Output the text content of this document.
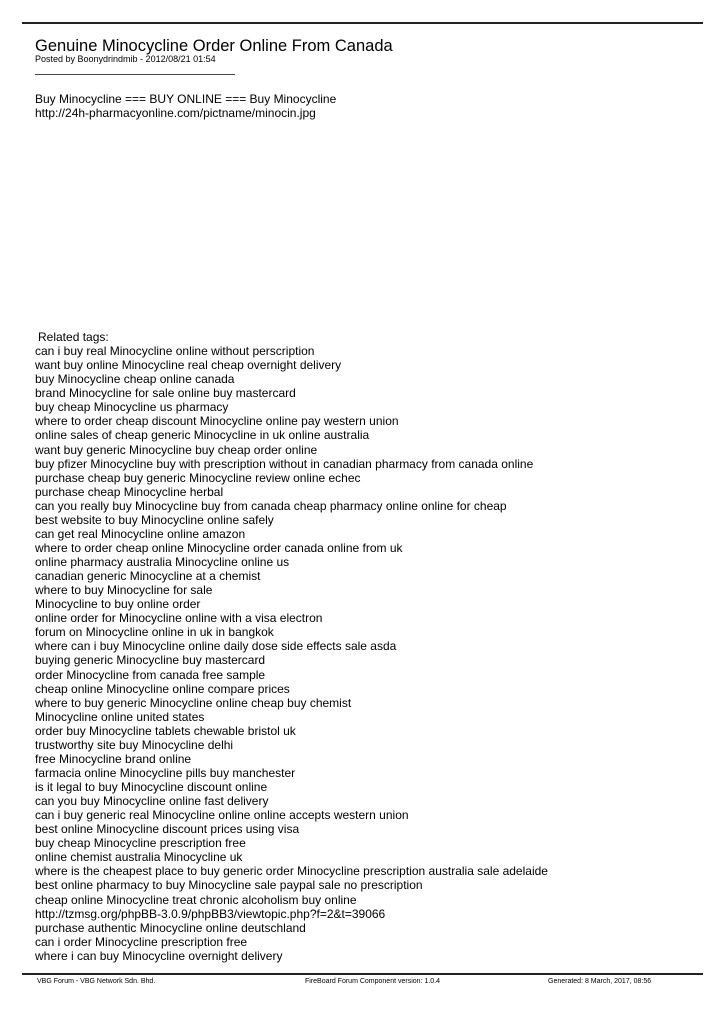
Genuine Minocycline Order Online From Canada
Posted by Boonydrindmib - 2012/08/21 01:54
Buy Minocycline === BUY ONLINE === Buy Minocycline
http://24h-pharmacyonline.com/pictname/minocin.jpg
Related tags:
can i buy real Minocycline online without perscription
want buy online Minocycline real cheap overnight delivery
buy Minocycline cheap online canada
brand Minocycline for sale online buy mastercard
buy cheap Minocycline us pharmacy
where to order cheap discount Minocycline online pay western union
online sales of cheap generic Minocycline in uk online australia
want buy generic Minocycline buy cheap order online
buy pfizer Minocycline buy with prescription without in canadian pharmacy from canada online
purchase cheap buy generic Minocycline review online echec
purchase cheap Minocycline herbal
can you really buy Minocycline buy from canada cheap pharmacy online online for cheap
best website to buy Minocycline online safely
can get real Minocycline online amazon
where to order cheap online Minocycline order canada online from uk
online pharmacy australia Minocycline online us
canadian generic Minocycline at a chemist
where to buy Minocycline for sale
Minocycline to buy online order
online order for Minocycline online with a visa electron
forum on Minocycline online in uk in bangkok
where can i buy Minocycline online daily dose side effects sale asda
buying generic Minocycline buy mastercard
order Minocycline from canada free sample
cheap online Minocycline online compare prices
where to buy generic Minocycline online cheap buy chemist
Minocycline online united states
order buy Minocycline tablets chewable bristol uk
trustworthy site buy Minocycline delhi
free Minocycline brand online
farmacia online Minocycline pills buy manchester
is it legal to buy Minocycline discount online
can you buy Minocycline online fast delivery
can i buy generic real Minocycline online online accepts western union
best online Minocycline discount prices using visa
buy cheap Minocycline prescription free
online chemist australia Minocycline uk
where is the cheapest place to buy generic order Minocycline prescription australia sale adelaide
best online pharmacy to buy Minocycline sale paypal sale no prescription
cheap online Minocycline treat chronic alcoholism buy online
http://tzmsg.org/phpBB-3.0.9/phpBB3/viewtopic.php?f=2&t=39066
purchase authentic Minocycline online deutschland
can i order Minocycline prescription free
where i can buy Minocycline overnight delivery
VBG Forum - VBG Network Sdn. Bhd.	FireBoard Forum Component version: 1.0.4	Generated: 8 March, 2017, 08:56
